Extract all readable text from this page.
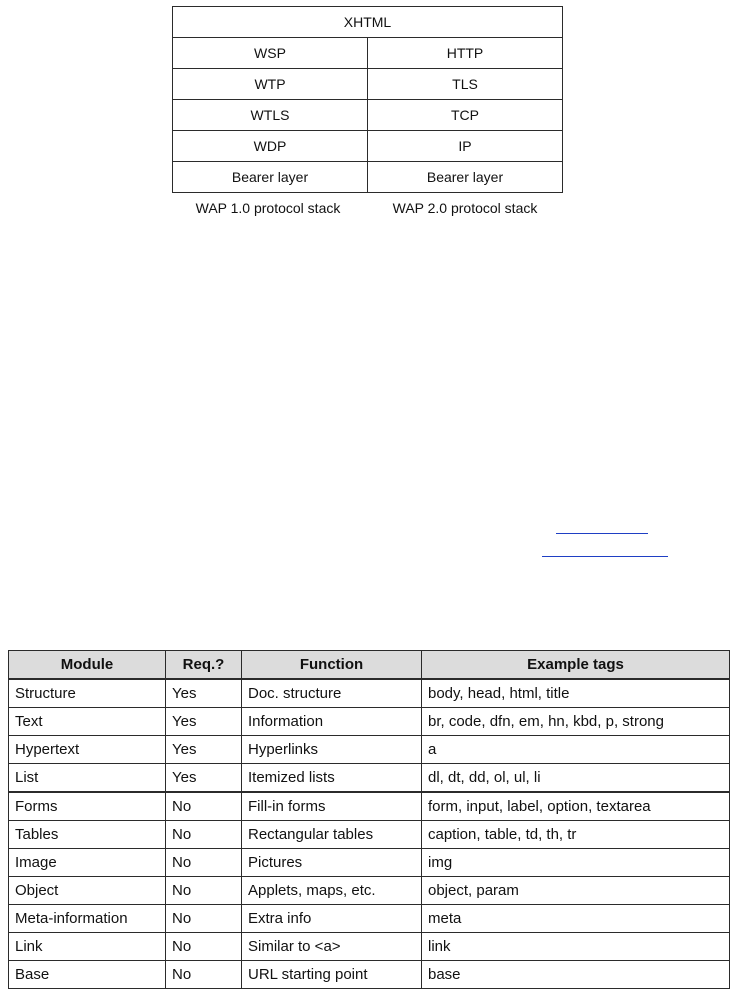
XHTML	
WSP	HTTP
WTP	TLS
WTLS	TCP
WDP	IP
Bearer layer	Bearer layer
WAP 1.0 protocol stack	WAP 2.0 protocol stack
Module	Req.?	Function	Example tags
Structure	Yes	Doc. structure	body, head, html, title
Text	Yes	Information	br, code, dfn, em, hn, kbd, p, strong
Hypertext	Yes	Hyperlinks	a
List	Yes	Itemized lists	dl, dt, dd, ol, ul, li
Forms	No	Fill-in forms	form, input, label, option, textarea
Tables	No	Rectangular tables	caption, table, td, th, tr
Image	No	Pictures	img
Object	No	Applets, maps, etc.	object, param
Meta-information	No	Extra info	meta
Link	No	Similar to <a>	link
Base	No	URL starting point	base
